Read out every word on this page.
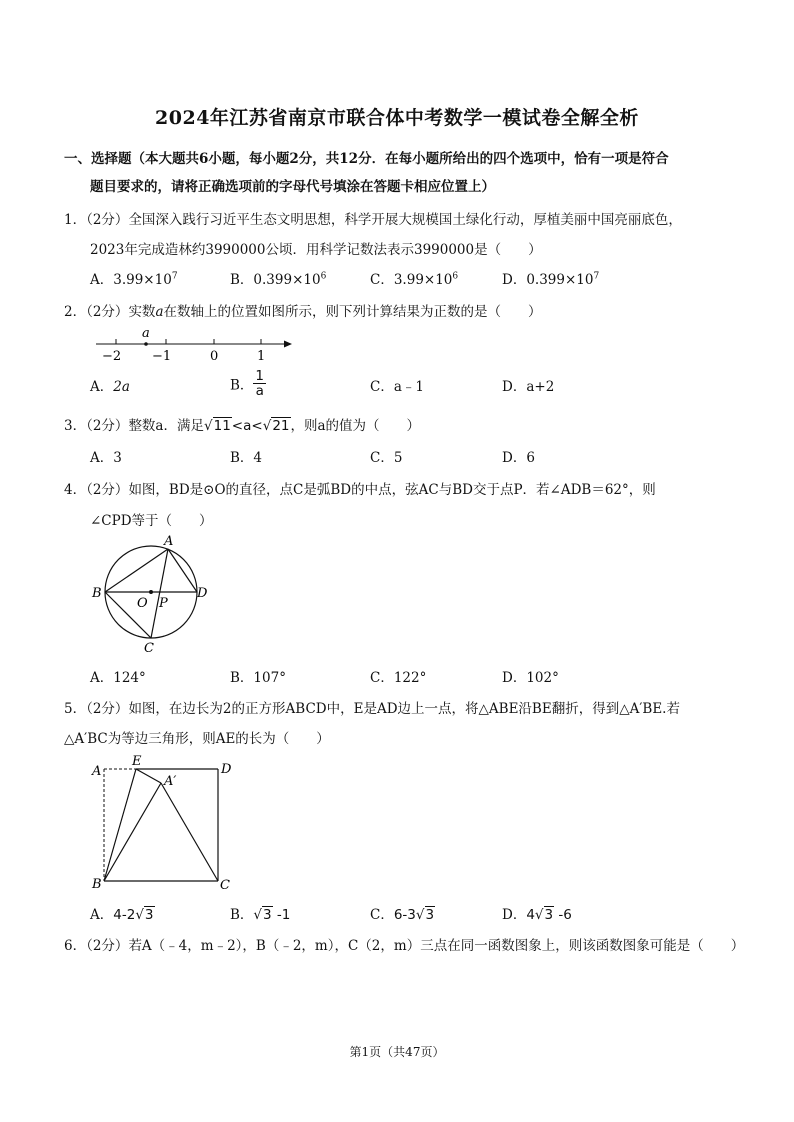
2024年江苏省南京市联合体中考数学一模试卷全解全析
一、选择题（本大题共6小题，每小题2分，共12分．在每小题所给出的四个选项中，恰有一项是符合
题目要求的，请将正确选项前的字母代号填涂在答题卡相应位置上）
1．（2分）全国深入践行习近平生态文明思想，科学开展大规模国土绿化行动，厚植美丽中国亮丽底色，
2023年完成造林约3990000公顷．用科学记数法表示3990000是（　　）
A．$3.99\times 10^7$	B．$0.399\times 10^6$	C．$3.99\times 10^6$	D．$0.399\times 10^7$
2．（2分）实数a在数轴上的位置如图所示，则下列计算结果为正数的是（　　）
a
−2 −1	0	1
A．2a	B． $\frac{1}{a}$	C．a﹣1	D．a+2
3．（2分）整数a．满足√11<a<√21，则a的值为（　　）
A．3	B．4	C．5	D．6
4．（2分）如图，BD是⊙O的直径，点C是弧BD的中点，弦AC与BD交于点P．若∠ADB＝62°，则
∠CPD等于（　　）
A
B	D
O P
C
A．124°	B．107°	C．122°	D．102°
5．（2分）如图，在边长为2的正方形ABCD中，E是AD边上一点，将△ABE沿BE翻折，得到△A′BE.若
△A′BC为等边三角形，则AE的长为（　　）
A
E
D
A′
B	C
A．4-2√3	B．√3 -1	C．6-3√3	D．4√3 -6
6．（2分）若A（﹣4，m﹣2），B（﹣2，m），C（2，m）三点在同一函数图象上，则该函数图象可能是（　　）
第1页（共47页）
